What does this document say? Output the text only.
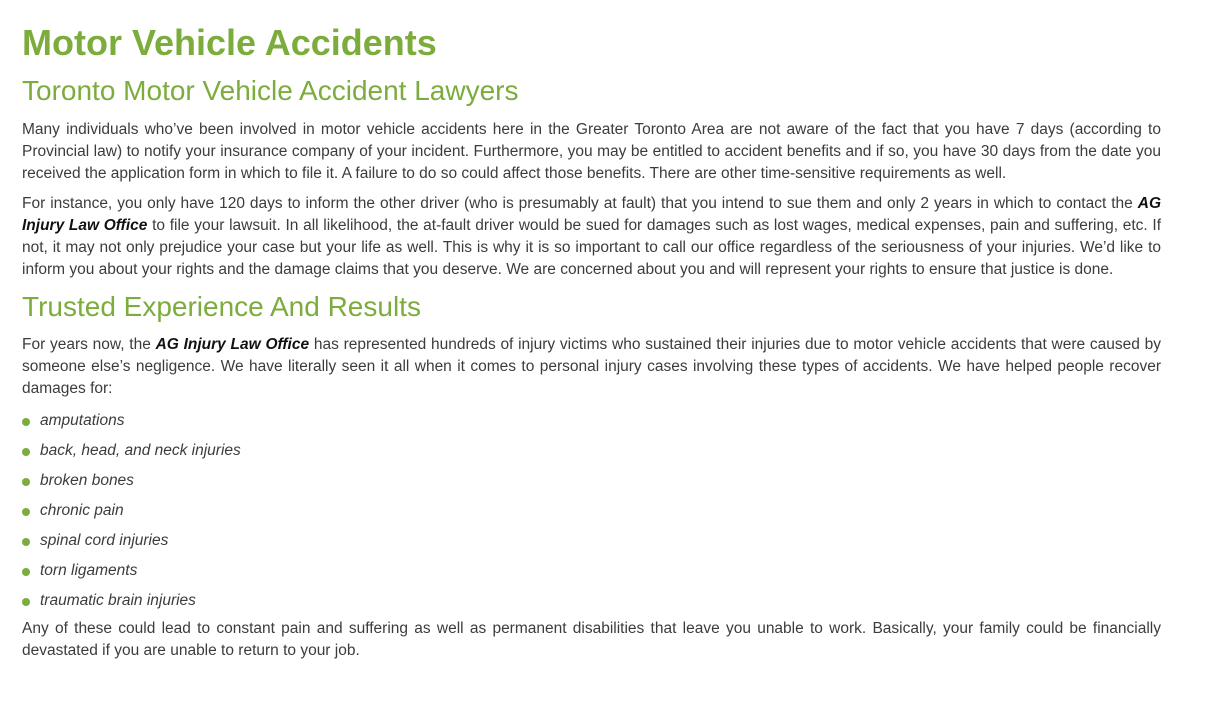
Motor Vehicle Accidents
Toronto Motor Vehicle Accident Lawyers

Many individuals who’ve been involved in motor vehicle accidents here in the Greater Toronto Area are not aware of the fact that you have 7 days (according to Provincial law) to notify your insurance company of your incident. Furthermore, you may be entitled to accident benefits and if so, you have 30 days from the date you received the application form in which to file it. A failure to do so could affect those benefits. There are other time-sensitive requirements as well.

For instance, you only have 120 days to inform the other driver (who is presumably at fault) that you intend to sue them and only 2 years in which to contact the AG Injury Law Office to file your lawsuit. In all likelihood, the at-fault driver would be sued for damages such as lost wages, medical expenses, pain and suffering, etc. If not, it may not only prejudice your case but your life as well. This is why it is so important to call our office regardless of the seriousness of your injuries. We’d like to inform you about your rights and the damage claims that you deserve. We are concerned about you and will represent your rights to ensure that justice is done.

Trusted Experience And Results

For years now, the AG Injury Law Office has represented hundreds of injury victims who sustained their injuries due to motor vehicle accidents that were caused by someone else’s negligence. We have literally seen it all when it comes to personal injury cases involving these types of accidents. We have helped people recover damages for:

amputations
back, head, and neck injuries
broken bones
chronic pain
spinal cord injuries
torn ligaments
traumatic brain injuries

Any of these could lead to constant pain and suffering as well as permanent disabilities that leave you unable to work. Basically, your family could be financially devastated if you are unable to return to your job.
